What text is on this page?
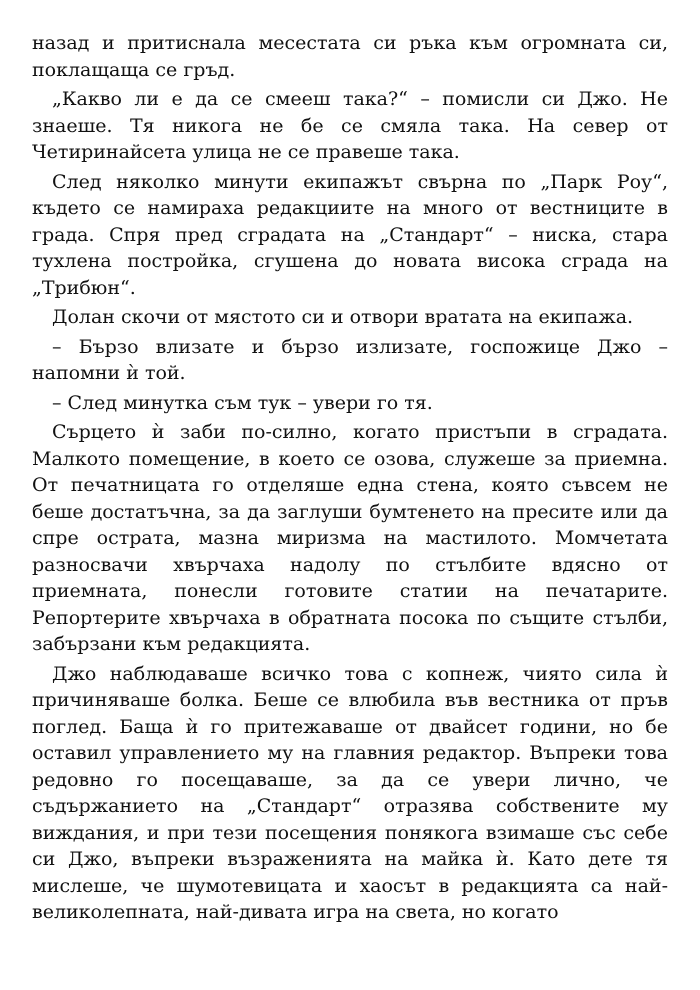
назад и притиснала месестата си ръка към огромната си, поклащаща се гръд.

„Какво ли е да се смееш така?“ – помисли си Джо. Не знаеше. Тя никога не бе се смяла така. На север от Четиринайсета улица не се правеше така.

След няколко минути екипажът свърна по „Парк Роу“, където се намираха редакциите на много от вестниците в града. Спря пред сградата на „Стандарт“ – ниска, стара тухлена постройка, сгушена до новата висока сграда на „Трибюн“.

Долан скочи от мястото си и отвори вратата на екипажа.

– Бързо влизате и бързо излизате, госпожице Джо – напомни ѝ той.

– След минутка съм тук – увери го тя.

Сърцето ѝ заби по-силно, когато пристъпи в сградата. Малкото помещение, в което се озова, служеше за приемна. От печатницата го отделяше една стена, която съвсем не беше достатъчна, за да заглуши бумтенето на пресите или да спре острата, мазна миризма на мастилото. Момчетата разносвачи хвърчаха надолу по стълбите вдясно от приемната, понесли готовите статии на печатарите. Репортерите хвърчаха в обратната посока по същите стълби, забързани към редакцията.

Джо наблюдаваше всичко това с копнеж, чиято сила ѝ причиняваше болка. Беше се влюбила във вестника от пръв поглед. Баща ѝ го притежаваше от двайсет години, но бе оставил управлението му на главния редактор. Въпреки това редовно го посещаваше, за да се увери лично, че съдържанието на „Стандарт“ отразява собствените му виждания, и при тези посещения понякога взимаше със себе си Джо, въпреки възраженията на майка ѝ. Като дете тя мислеше, че шумотевицата и хаосът в редакцията са най-великолепната, най-дивата игра на света, но когато
